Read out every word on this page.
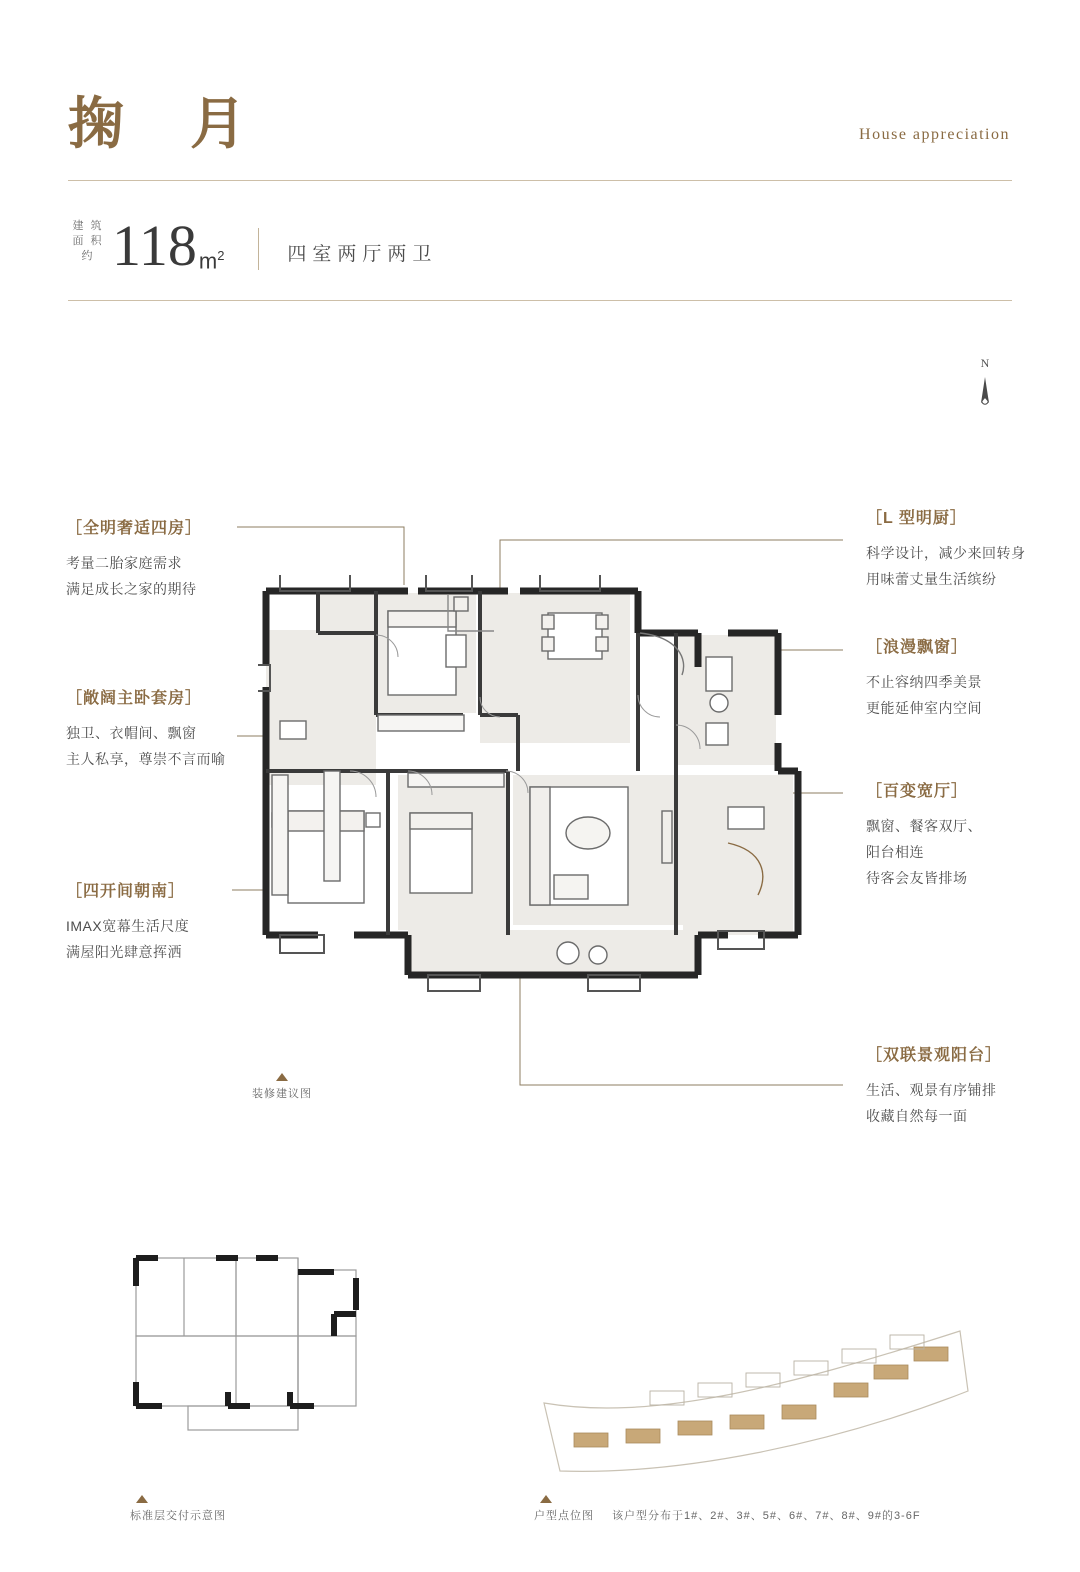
掬 月	House appreciation
建 筑
面 积 约 118 $m^2$	四室两厅两卫
N
［全明奢适四房］
考量二胎家庭需求
满足成长之家的期待
［敞阔主卧套房］
独卫、衣帽间、飘窗
主人私享，尊崇不言而喻
［四开间朝南］
IMAX宽幕生活尺度
满屋阳光肆意挥洒
［L 型明厨］
科学设计，减少来回转身
用味蕾丈量生活缤纷
［浪漫飘窗］
不止容纳四季美景
更能延伸室内空间
［百变宽厅］
飘窗、餐客双厅、
阳台相连
待客会友皆排场
［双联景观阳台］
生活、观景有序铺排
收藏自然每一面
装修建议图
标准层交付示意图	户型点位图 该户型分布于1#、2#、3#、5#、6#、7#、8#、9#的3-6F
